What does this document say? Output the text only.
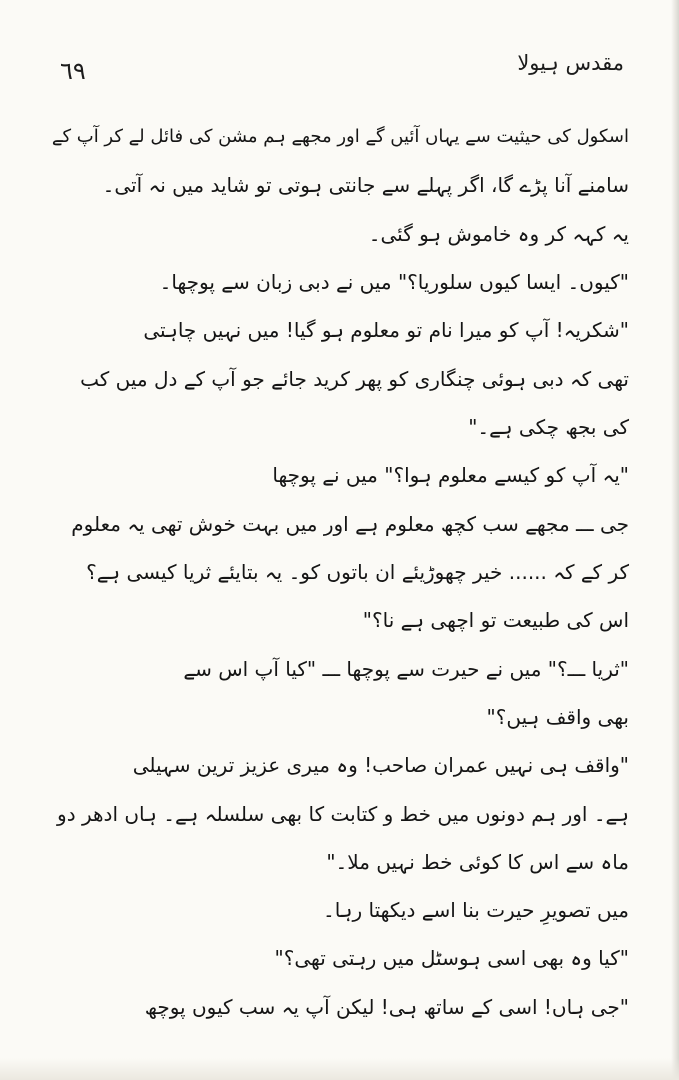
٦٩	مقدس ہیولا
اسکول کی حیثیت سے یہاں آئیں گے اور مجھے ہم مشن کی فائل لے کر آپ کے
سامنے آنا پڑے گا، اگر پہلے سے جانتی ہوتی تو شاید میں نہ آتی۔
یہ کہہ کر وہ خاموش ہو گئی۔
"کیوں۔ ایسا کیوں سلوریا؟" میں نے دبی زبان سے پوچھا۔
"شکریہ! آپ کو میرا نام تو معلوم ہو گیا! میں نہیں چاہتی
تھی کہ دبی ہوئی چنگاری کو پھر کرید جائے جو آپ کے دل میں کب
کی بجھ چکی ہے۔"
"یہ آپ کو کیسے معلوم ہوا؟" میں نے پوچھا
جی ـــ مجھے سب کچھ معلوم ہے اور میں بہت خوش تھی یہ معلوم
کر کے کہ ...... خیر چھوڑیئے ان باتوں کو۔ یہ بتایئے ثریا کیسی ہے؟
اس کی طبیعت تو اچھی ہے نا؟"
"ثریا ـــ؟" میں نے حیرت سے پوچھا ـــ "کیا آپ اس سے
بھی واقف ہیں؟"
"واقف ہی نہیں عمران صاحب! وہ میری عزیز ترین سہیلی
ہے۔ اور ہم دونوں میں خط و کتابت کا بھی سلسلہ ہے۔ ہاں ادھر دو
ماہ سے اس کا کوئی خط نہیں ملا۔"
میں تصویرِ حیرت بنا اسے دیکھتا رہا۔
"کیا وہ بھی اسی ہوسٹل میں رہتی تھی؟"
"جی ہاں! اسی کے ساتھ ہی! لیکن آپ یہ سب کیوں پوچھ
